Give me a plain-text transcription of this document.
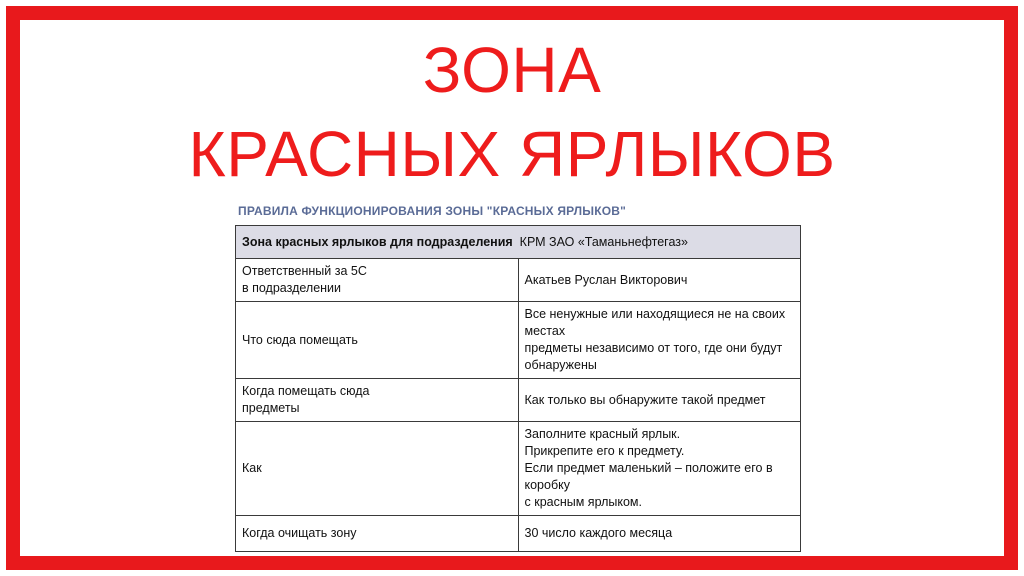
ЗОНА
КРАСНЫХ ЯРЛЫКОВ
ПРАВИЛА ФУНКЦИОНИРОВАНИЯ ЗОНЫ "КРАСНЫХ ЯРЛЫКОВ"
Зона красных ярлыков для подразделения КРМ ЗАО «Таманьнефтегаз»	

Ответственный за 5С
в подразделении	Акатьев Руслан Викторович

Что сюда помещать	Все ненужные или находящиеся не на своих местах
предметы независимо от того, где они будут
обнаружены

Когда помещать сюда
предметы	Как только вы обнаружите такой предмет

Как	Заполните красный ярлык.
Прикрепите его к предмету.
Если предмет маленький – положите его в коробку
с красным ярлыком.

Когда очищать зону	30 число каждого месяца
